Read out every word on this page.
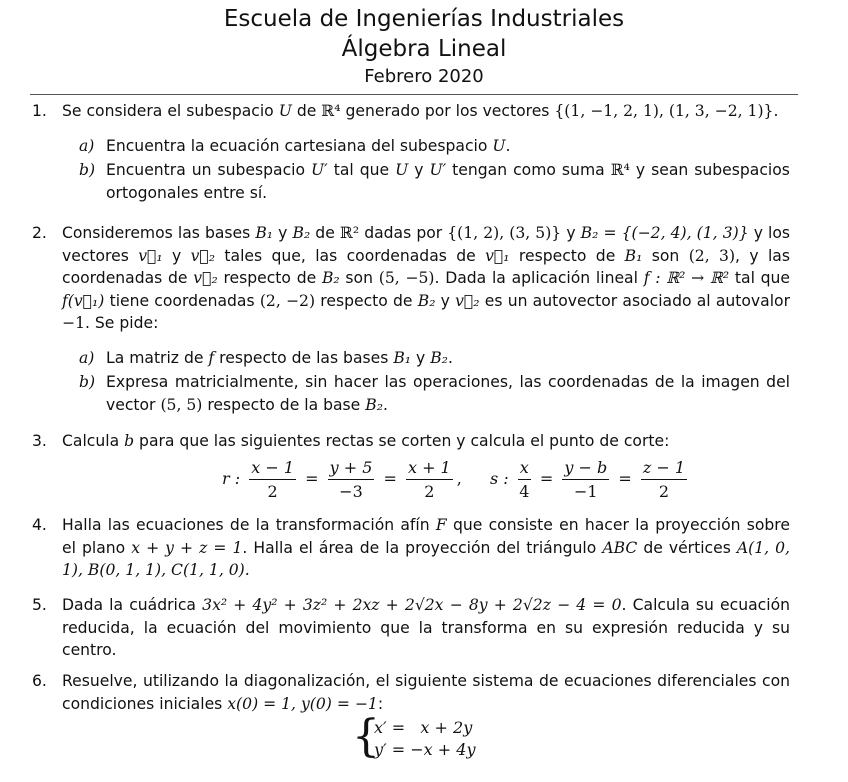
Escuela de Ingenierías Industriales
Álgebra Lineal
Febrero 2020
1. Se considera el subespacio U de ℝ⁴ generado por los vectores {(1, −1, 2, 1), (1, 3, −2, 1)}.

a) Encuentra la ecuación cartesiana del subespacio U.

b) Encuentra un subespacio U′ tal que U y U′ tengan como suma ℝ⁴ y sean subespacios ortogonales entre sí.

2. Consideremos las bases B₁ y B₂ de ℝ² dadas por {(1, 2), (3, 5)} y B₂ = {(−2, 4), (1, 3)} y los vectores v⃗₁ y v⃗₂ tales que, las coordenadas de v⃗₁ respecto de B₁ son (2, 3), y las coordenadas de v⃗₂ respecto de B₂ son (5, −5). Dada la aplicación lineal f : ℝ² → ℝ² tal que f(v⃗₁) tiene coordenadas (2, −2) respecto de B₂ y v⃗₂ es un autovector asociado al autovalor −1. Se pide:

a) La matriz de f respecto de las bases B₁ y B₂.

b) Expresa matricialmente, sin hacer las operaciones, las coordenadas de la imagen del vector (5, 5) respecto de la base B₂.

3. Calcula b para que las siguientes rectas se corten y calcula el punto de corte:

r : $\frac{x - 1}{2} = \frac{y + 5}{-3} = \frac{x + 1}{2}$ ,  s : $\frac{x}{4} = \frac{y - b}{-1} = \frac{z - 1}{2}$
4. Halla las ecuaciones de la transformación afín F que consiste en hacer la proyección sobre el plano x + y + z = 1. Halla el área de la proyección del triángulo ABC de vértices A(1, 0, 1), B(0, 1, 1), C(1, 1, 0).

5. Dada la cuádrica 3x² + 4y² + 3z² + 2xz + 2√2x − 8y + 2√2z − 4 = 0. Calcula su ecuación reducida, la ecuación del movimiento que la transforma en su expresión reducida y su centro.

6. Resuelve, utilizando la diagonalización, el siguiente sistema de ecuaciones diferenciales con condiciones iniciales x(0) = 1, y(0) = −1:

{
x′ = x + 2y
y′ = −x + 4y
